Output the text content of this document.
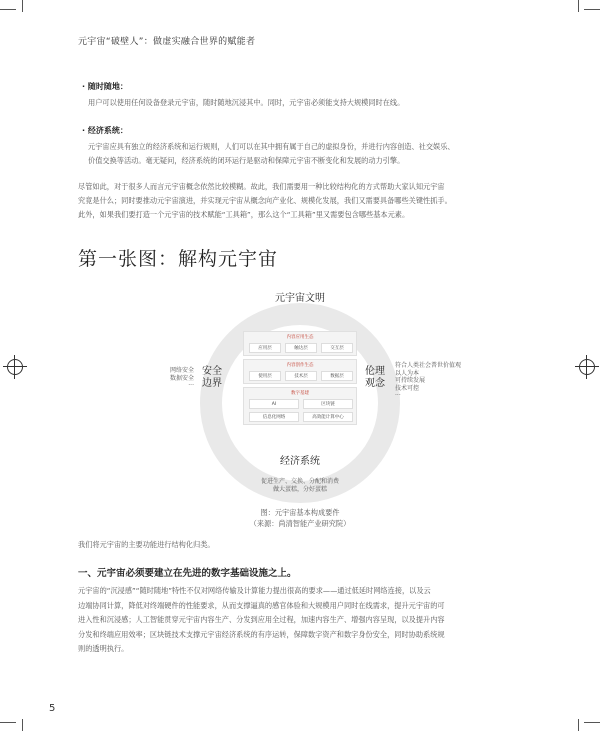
元宇宙“破壁人”：做虚实融合世界的赋能者
· 随时随地：
用户可以使用任何设备登录元宇宙，随时随地沉浸其中。同时，元宇宙必须能支持大规模同时在线。
· 经济系统：
元宇宙应具有独立的经济系统和运行规则，人们可以在其中拥有属于自己的虚拟身份，并进行内容创造、社交娱乐、
价值交换等活动。毫无疑问，经济系统的闭环运行是驱动和保障元宇宙不断变化和发展的动力引擎。
尽管如此，对于很多人而言元宇宙概念依然比较模糊。故此，我们需要用一种比较结构化的方式帮助大家认知元宇宙
究竟是什么；同时要推动元宇宙演进，并实现元宇宙从概念向产业化、规模化发展，我们又需要具备哪些关键性抓手。
此外，如果我们要打造一个元宇宙的技术赋能“工具箱”，那么这个“工具箱”里又需要包含哪些基本元素。
第一张图：解构元宇宙
元宇宙文明
经济系统
安全
边界
伦理
观念
网络安全
数据安全
···
符合人类社会普世价值观
以人为本
可持续发展
技术可控
···
促进生产、交换、分配和消费
做大蛋糕，分好蛋糕
内容应用生态
应用层	触达层	交互层
内容创作生态
使用层	技术层	数据层
数字基建
AI	区块链
信息化网络	高效能计算中心
图：元宇宙基本构成要件
（来源：尚清智能产业研究院）
我们将元宇宙的主要功能进行结构化归类。
一、元宇宙必须要建立在先进的数字基础设施之上。
元宇宙的“沉浸感”“随时随地”特性不仅对网络传输及计算能力提出很高的要求——通过低延时网络连接，以及云
边端协同计算，降低对终端硬件的性能要求，从而支撑逼真的感官体验和大规模用户同时在线需求，提升元宇宙的可
进入性和沉浸感；人工智能贯穿元宇宙内容生产、分发到应用全过程，加速内容生产、增强内容呈现，以及提升内容
分发和终端应用效率；区块链技术支撑元宇宙经济系统的有序运转，保障数字资产和数字身份安全，同时协助系统规
则的透明执行。
5
